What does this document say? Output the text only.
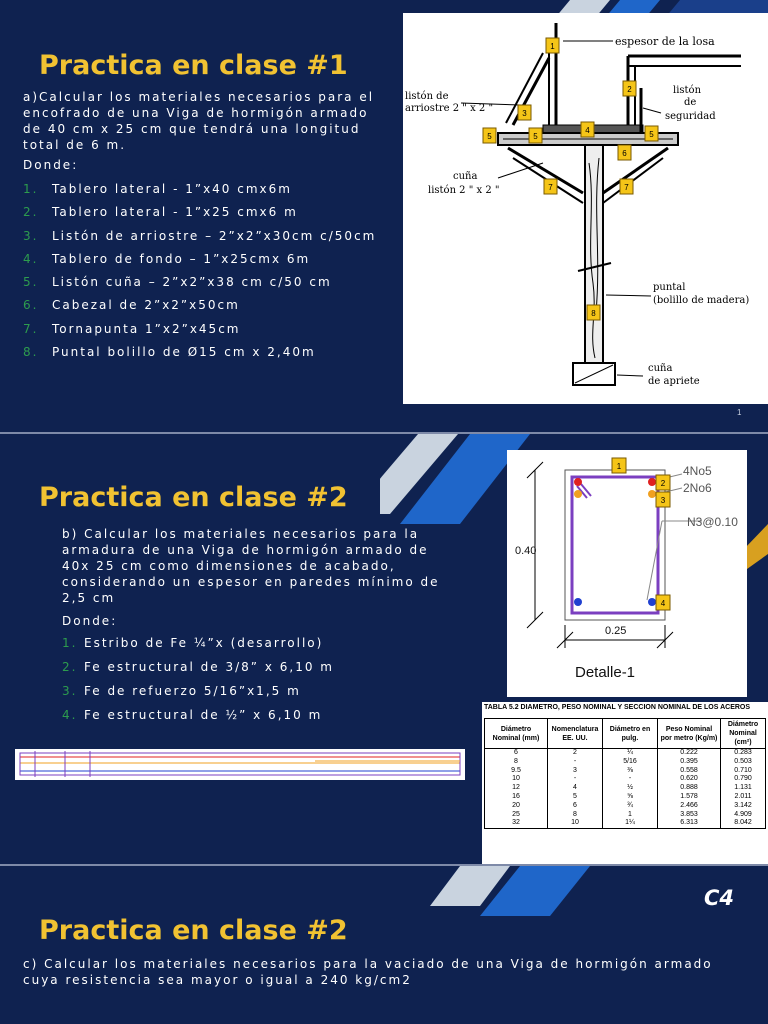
Practica en clase #1

a)Calcular los materiales necesarios para el encofrado de una Viga de hormigón armado de 40 cm x 25 cm que tendrá una longitud total de 6 m.

Donde:

1. Tablero lateral - 1”x40 cmx6m
2. Tablero lateral - 1”x25 cmx6 m
3. Listón de arriostre – 2”x2”x30cm c/50cm
4. Tablero de fondo – 1”x25cmx 6m
5. Listón cuña – 2”x2”x38 cm c/50 cm
6. Cabezal de 2”x2”x50cm
7. Tornapunta 1”x2”x45cm
8. Puntal bolillo de Ø15 cm x 2,40m
espesor de la losa
listón de
arriostre 2 " x 2 "
listón
de
seguridad
cuña
listón 2 " x 2 "
puntal
(bolillo de madera)
cuña
de apriete
1
2
3
4
5	5	5
6
7	7
8
1
Practica en clase #2

b) Calcular los materiales necesarios para la armadura de una Viga de hormigón armado de 40x 25 cm como dimensiones de acabado, considerando un espesor en paredes mínimo de 2,5 cm

Donde:

1. Estribo de Fe ¼”x (desarrollo)
2. Fe estructural de 3/8” x 6,10 m
3. Fe de refuerzo 5/16”x1,5 m
4. Fe estructural de ½” x 6,10 m
4No5
2No6
N3@0.10
0.40
0.25
Detalle-1
1
2
3
4
TABLA 5.2 DIAMETRO, PESO NOMINAL Y SECCIÓN NOMINAL DE LOS ACEROS
Diámetro Nominal (mm)	Nomenclatura EE. UU.	Diámetro en pulg.	Peso Nominal por metro (Kg/m)	Diámetro Nominal (cm²)
6	2	¼	0.222	0.283
8	-	5/16	0.395	0.503
9.5	3	⅜	0.558	0.710
10	-	-	0.620	0.790
12	4	½	0.888	1.131
16	5	⅝	1.578	2.011
20	6	¾	2.466	3.142
25	8	1	3.853	4.909
32	10	1¼	6.313	8.042
C4
Practica en clase #2

c) Calcular los materiales necesarios para la vaciado de una Viga de hormigón armado cuya resistencia sea mayor o igual a 240 kg/cm2
